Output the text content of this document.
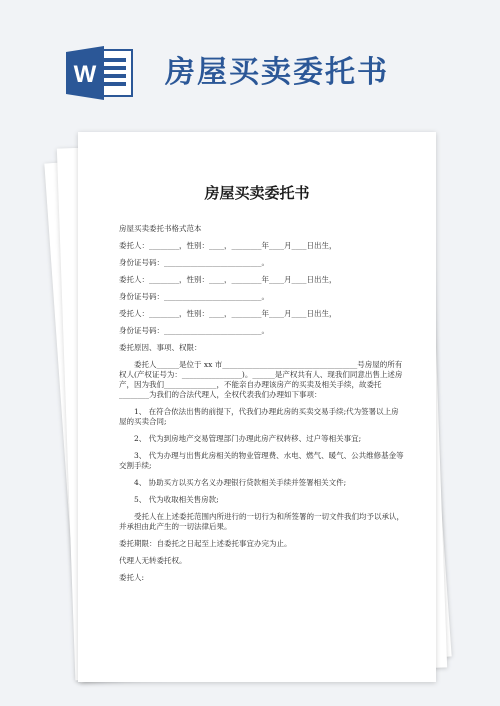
W 房屋买卖委托书
房屋买卖委托书

房屋买卖委托书格式范本

委托人：________，性别：____，________年____月____日出生，

身份证号码：__________________________。

委托人：________，性别：____，________年____月____日出生，

身份证号码：__________________________。

受托人：________，性别：____，________年____月____日出生，

身份证号码：__________________________。

委托原因、事项、权限：

委托人______是位于 xx 市____________________________________号房屋的所有权人(产权证号为：________________)。______是产权共有人、现我们同意出售上述房产，因为我们______________，不能亲自办理该房产的买卖及相关手续，故委托________为我们的合法代理人，全权代表我们办理如下事项：

1、 在符合依法出售的前提下，代我们办理此房的买卖交易手续;代为签署以上房屋的买卖合同;

2、 代为到房地产交易管理部门办理此房产权转移、过户等相关事宜;

3、 代为办理与出售此房相关的物业管理费、水电、燃气、暖气、公共维修基金等交割手续;

4、 协助买方以买方名义办理银行贷款相关手续并签署相关文件;

5、 代为收取相关售房款;

受托人在上述委托范围内所进行的一切行为和所签署的一切文件我们均予以承认，并承担由此产生的一切法律后果。

委托期限：自委托之日起至上述委托事宜办完为止。

代理人无转委托权。

委托人:
